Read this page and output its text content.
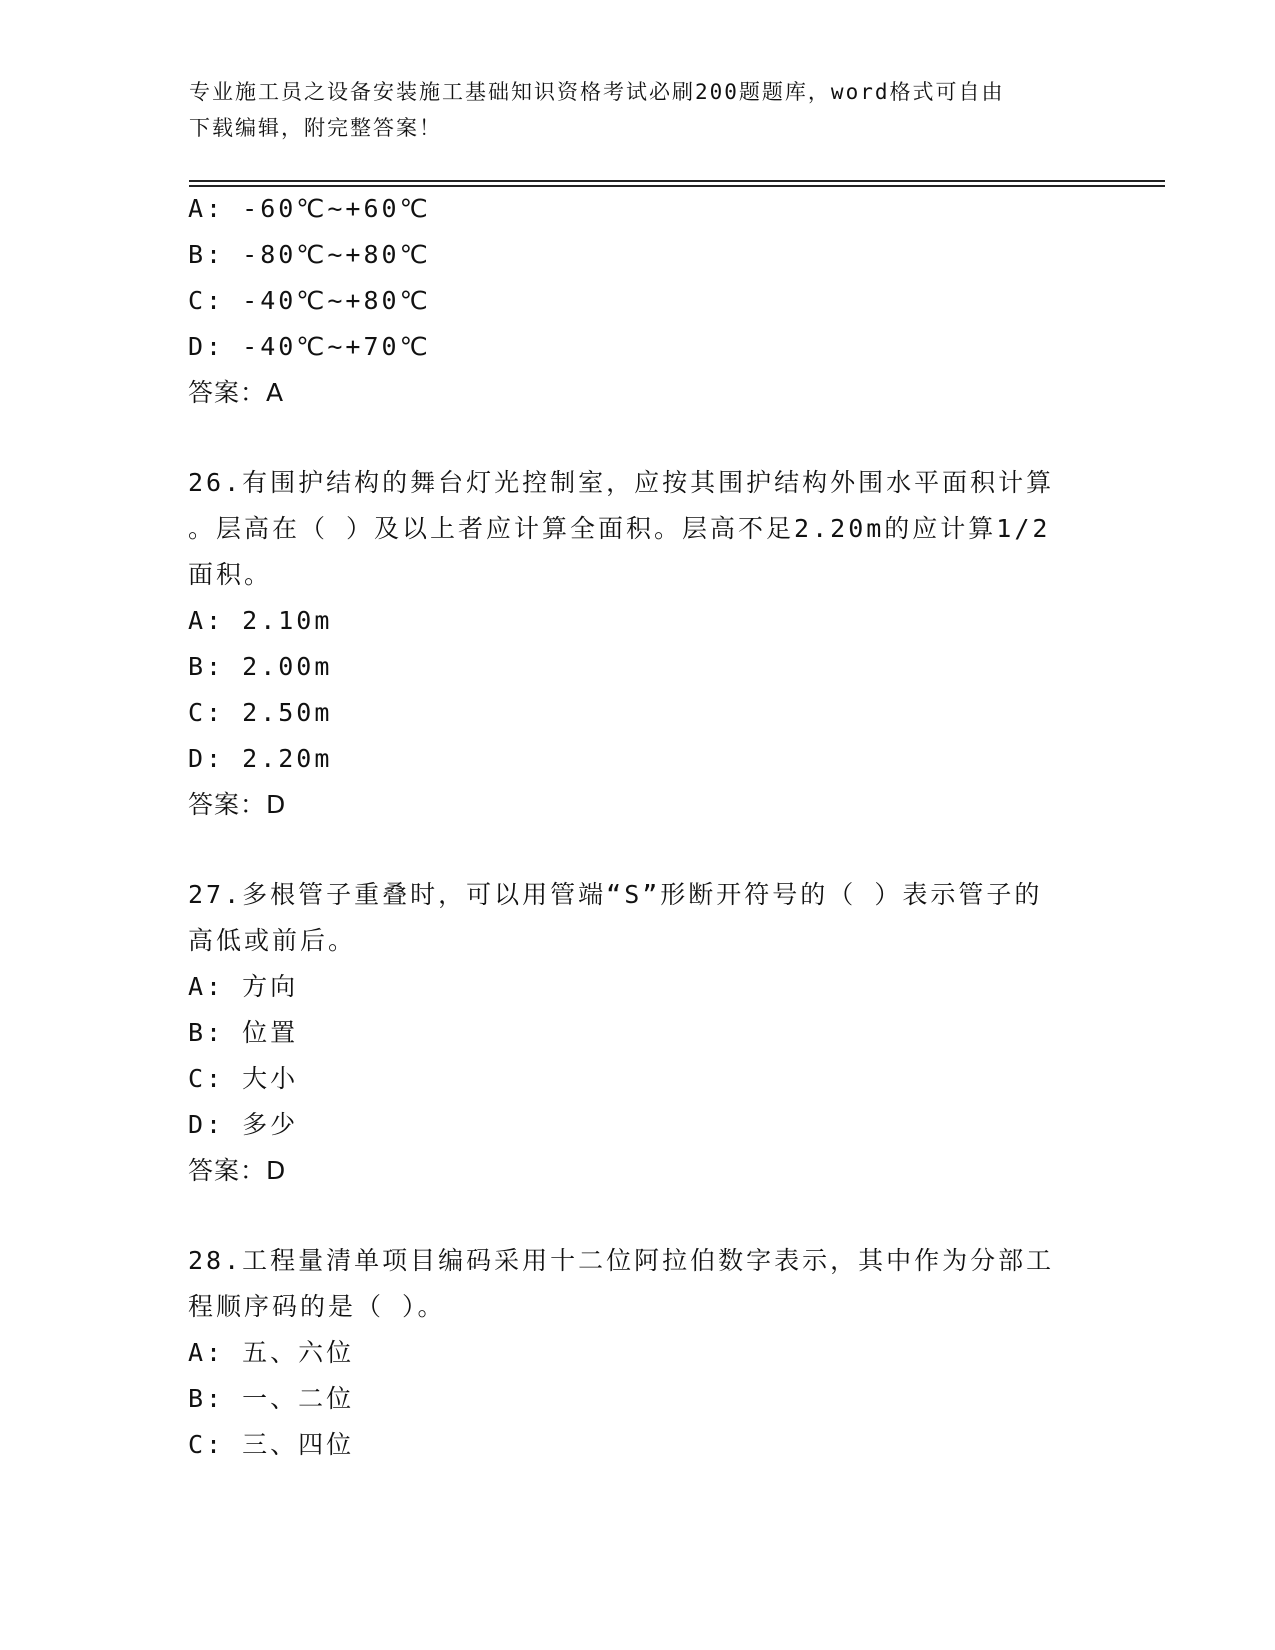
专业施工员之设备安装施工基础知识资格考试必刷200题题库，word格式可自由
下载编辑，附完整答案！
A: -60℃~+60℃
B: -80℃~+80℃
C: -40℃~+80℃
D: -40℃~+70℃
答案：A
26.有围护结构的舞台灯光控制室，应按其围护结构外围水平面积计算
。层高在（ ）及以上者应计算全面积。层高不足2.20m的应计算1/2
面积。
A: 2.10m
B: 2.00m
C: 2.50m
D: 2.20m
答案：D
27.多根管子重叠时，可以用管端“S”形断开符号的（ ）表示管子的
高低或前后。
A: 方向
B: 位置
C: 大小
D: 多少
答案：D
28.工程量清单项目编码采用十二位阿拉伯数字表示，其中作为分部工
程顺序码的是（ ）。
A: 五、六位
B: 一、二位
C: 三、四位
